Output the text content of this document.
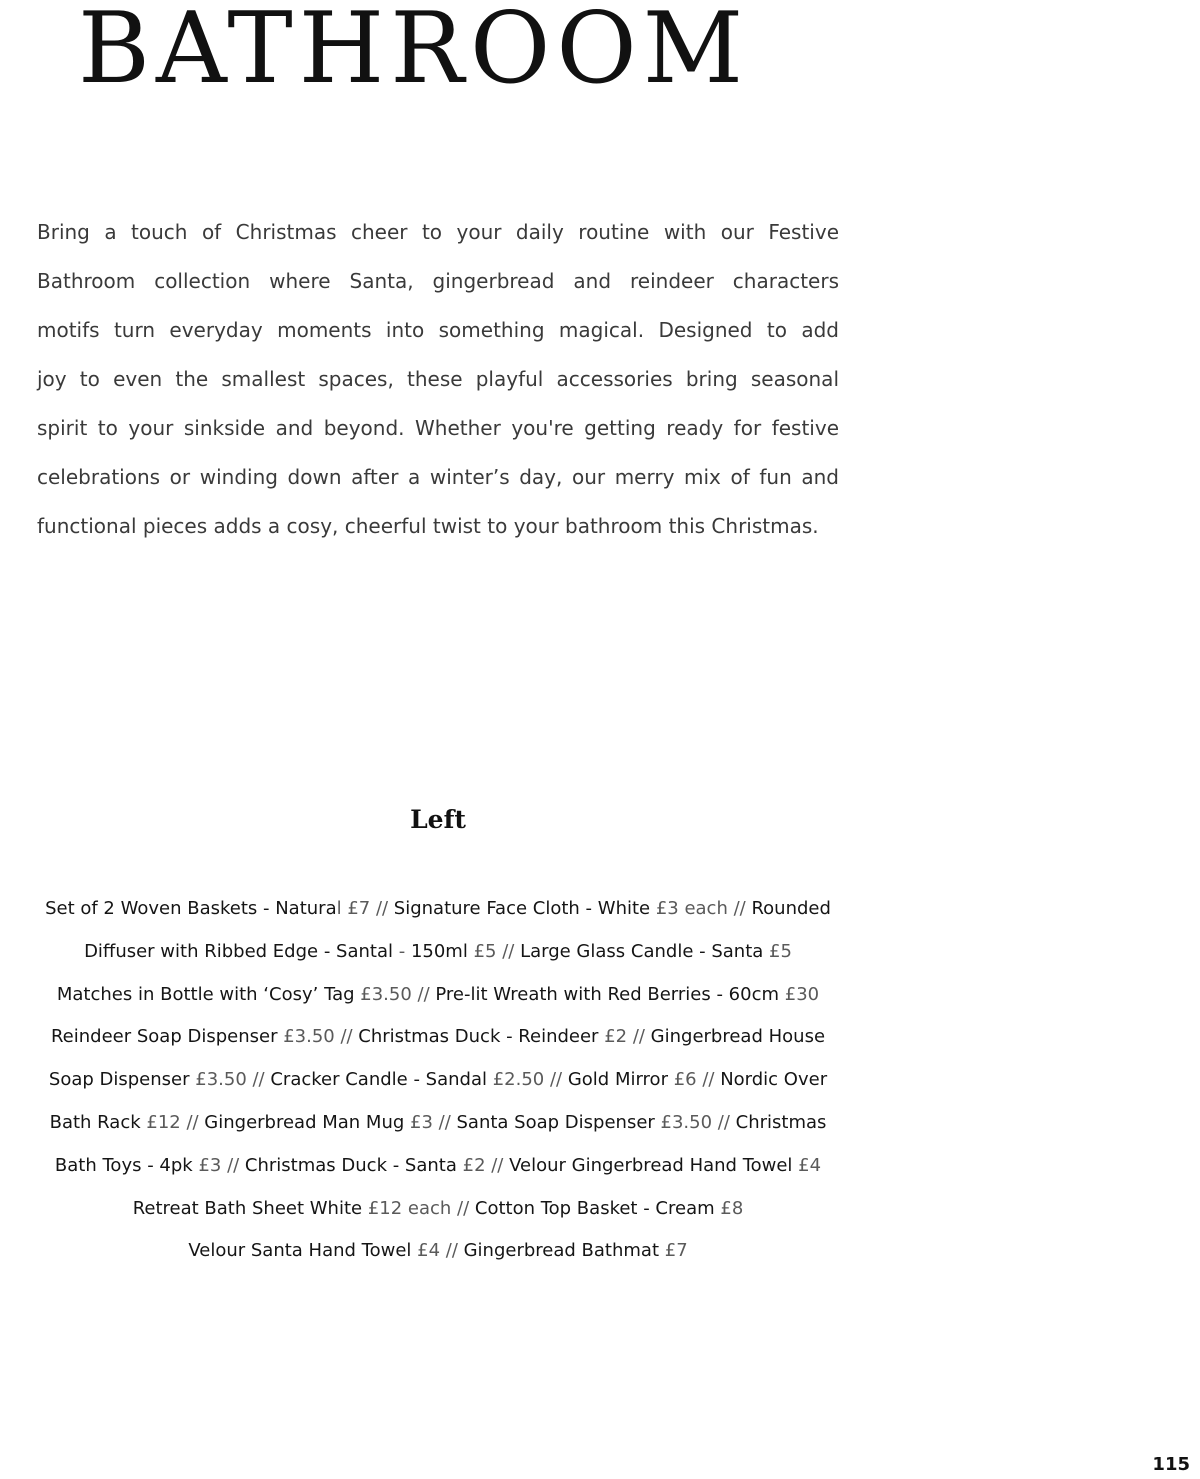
BATHROOM

Bring a touch of Christmas cheer to your daily routine with our Festive
Bathroom collection where Santa, gingerbread and reindeer characters
motifs turn everyday moments into something magical. Designed to add
joy to even the smallest spaces, these playful accessories bring seasonal
spirit to your sinkside and beyond. Whether you're getting ready for festive
celebrations or winding down after a winter’s day, our merry mix of fun and
functional pieces adds a cosy, cheerful twist to your bathroom this Christmas.

Left
Set of 2 Woven Baskets - Natural £7 // Signature Face Cloth - White £3 each // Rounded
Diffuser with Ribbed Edge - Santal - 150ml £5 // Large Glass Candle - Santa £5
Matches in Bottle with ‘Cosy’ Tag £3.50 // Pre-lit Wreath with Red Berries - 60cm £30
Reindeer Soap Dispenser £3.50 // Christmas Duck - Reindeer £2 // Gingerbread House
Soap Dispenser £3.50 // Cracker Candle - Sandal £2.50 // Gold Mirror £6 // Nordic Over
Bath Rack £12 // Gingerbread Man Mug £3 // Santa Soap Dispenser £3.50 // Christmas
Bath Toys - 4pk £3 // Christmas Duck - Santa £2 // Velour Gingerbread Hand Towel £4
Retreat Bath Sheet White £12 each // Cotton Top Basket - Cream £8
Velour Santa Hand Towel £4 // Gingerbread Bathmat £7
115
